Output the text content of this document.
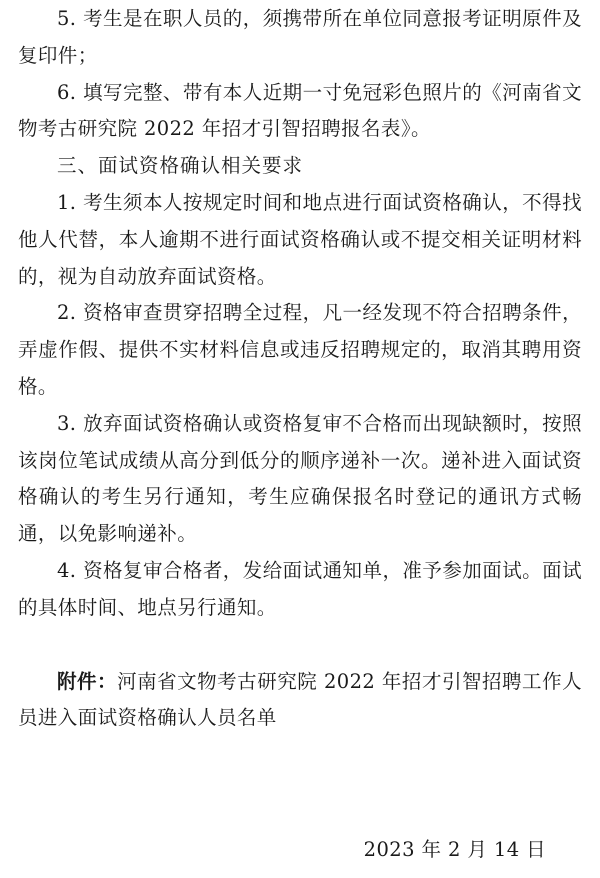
5. 考生是在职人员的，须携带所在单位同意报考证明原件及复印件；

6. 填写完整、带有本人近期一寸免冠彩色照片的《河南省文物考古研究院 2022 年招才引智招聘报名表》。

三、面试资格确认相关要求

1. 考生须本人按规定时间和地点进行面试资格确认，不得找他人代替，本人逾期不进行面试资格确认或不提交相关证明材料的，视为自动放弃面试资格。

2. 资格审查贯穿招聘全过程，凡一经发现不符合招聘条件，弄虚作假、提供不实材料信息或违反招聘规定的，取消其聘用资格。

3. 放弃面试资格确认或资格复审不合格而出现缺额时，按照该岗位笔试成绩从高分到低分的顺序递补一次。递补进入面试资格确认的考生另行通知，考生应确保报名时登记的通讯方式畅通，以免影响递补。

4. 资格复审合格者，发给面试通知单，准予参加面试。面试的具体时间、地点另行通知。

附件：河南省文物考古研究院 2022 年招才引智招聘工作人员进入面试资格确认人员名单

2023 年 2 月 14 日
